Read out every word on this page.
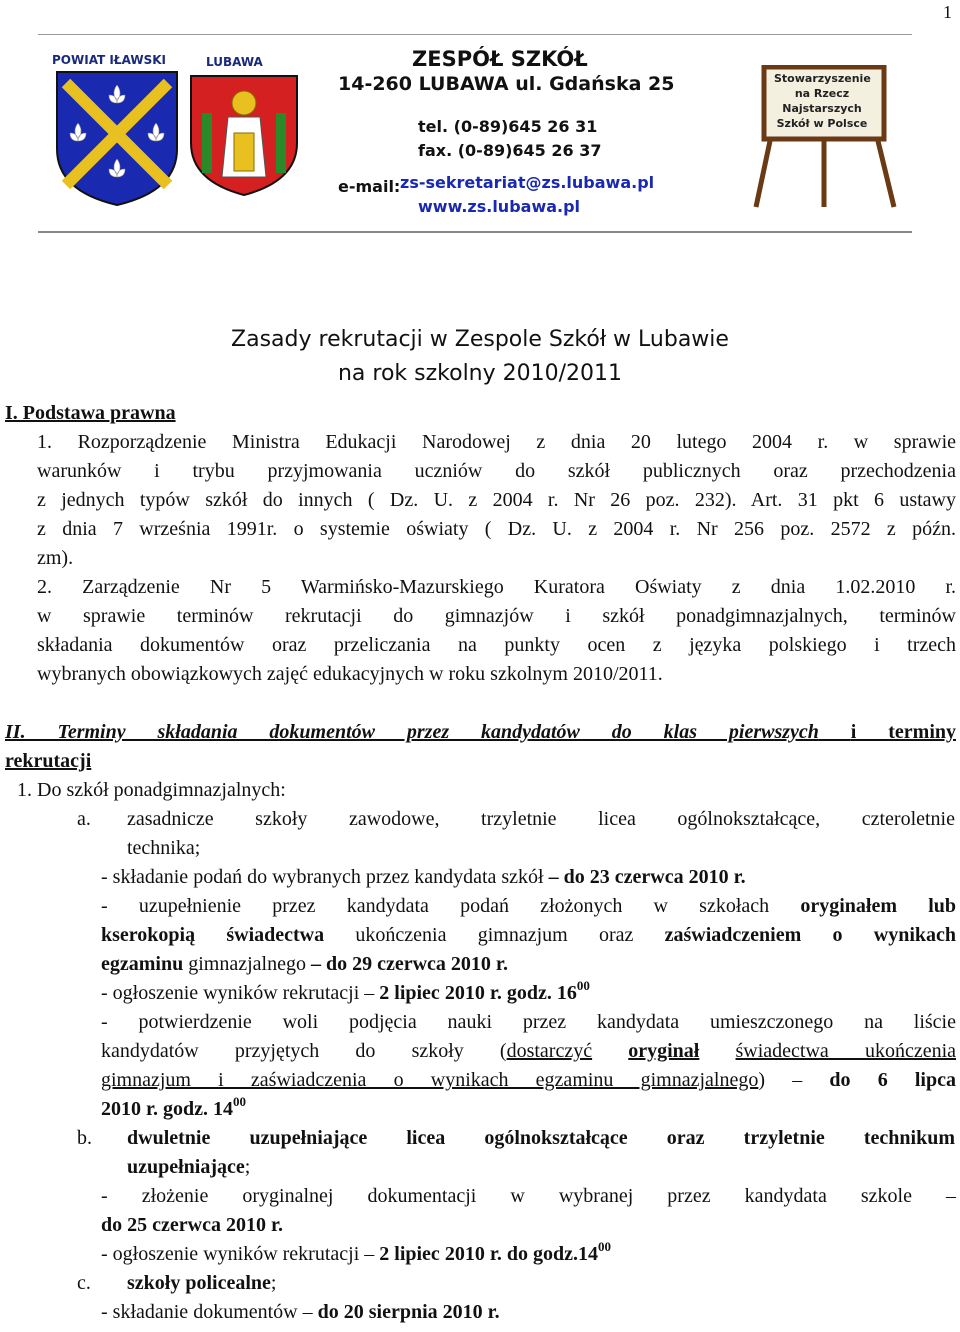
1
POWIAT IŁAWSKI	LUBAWA	ZESPÓŁ SZKÓŁ
14-260 LUBAWA ul. Gdańska 25
tel. (0-89)645 26 31
fax. (0-89)645 26 37
e-mail: zs-sekretariat@zs.lubawa.pl
www.zs.lubawa.pl
Stowarzyszenie
na Rzecz
Najstarszych
Szkół w Polsce
Zasady rekrutacji w Zespole Szkół w Lubawie
na rok szkolny 2010/2011
I. Podstawa prawna
1. Rozporządzenie Ministra Edukacji Narodowej z dnia 20 lutego 2004 r. w sprawie
warunków i trybu przyjmowania uczniów do szkół publicznych oraz przechodzenia
z jednych typów szkół do innych ( Dz. U. z 2004 r. Nr 26 poz. 232). Art. 31 pkt 6 ustawy
z dnia 7 września 1991r. o systemie oświaty ( Dz. U. z 2004 r. Nr 256 poz. 2572 z późn.
zm).
2. Zarządzenie Nr 5 Warmińsko-Mazurskiego Kuratora Oświaty z dnia 1.02.2010 r.
w sprawie terminów rekrutacji do gimnazjów i szkół ponadgimnazjalnych, terminów
składania dokumentów oraz przeliczania na punkty ocen z języka polskiego i trzech
wybranych obowiązkowych zajęć edukacyjnych w roku szkolnym 2010/2011.
II. Terminy składania dokumentów przez kandydatów do klas pierwszych i terminy
rekrutacji
1. Do szkół ponadgimnazjalnych:
a. zasadnicze szkoły zawodowe, trzyletnie licea ogólnokształcące, czteroletnie
technika;
- składanie podań do wybranych przez kandydata szkół – do 23 czerwca 2010 r.
- uzupełnienie przez kandydata podań złożonych w szkołach oryginałem lub
kserokopią świadectwa ukończenia gimnazjum oraz zaświadczeniem o wynikach
egzaminu gimnazjalnego – do 29 czerwca 2010 r.
- ogłoszenie wyników rekrutacji – 2 lipiec 2010 r. godz. $16^{00}$
- potwierdzenie woli podjęcia nauki przez kandydata umieszczonego na liście
kandydatów przyjętych do szkoły (dostarczyć oryginał świadectwa ukończenia
gimnazjum i zaświadczenia o wynikach egzaminu gimnazjalnego) – do 6 lipca
2010 r. godz. $14^{00}$
b. dwuletnie uzupełniające licea ogólnokształcące oraz trzyletnie technikum
uzupełniające;
- złożenie oryginalnej dokumentacji w wybranej przez kandydata szkole –
do 25 czerwca 2010 r.
- ogłoszenie wyników rekrutacji – 2 lipiec 2010 r. do $godz.14^{00}$
c. szkoły policealne;
- składanie dokumentów – do 20 sierpnia 2010 r.
